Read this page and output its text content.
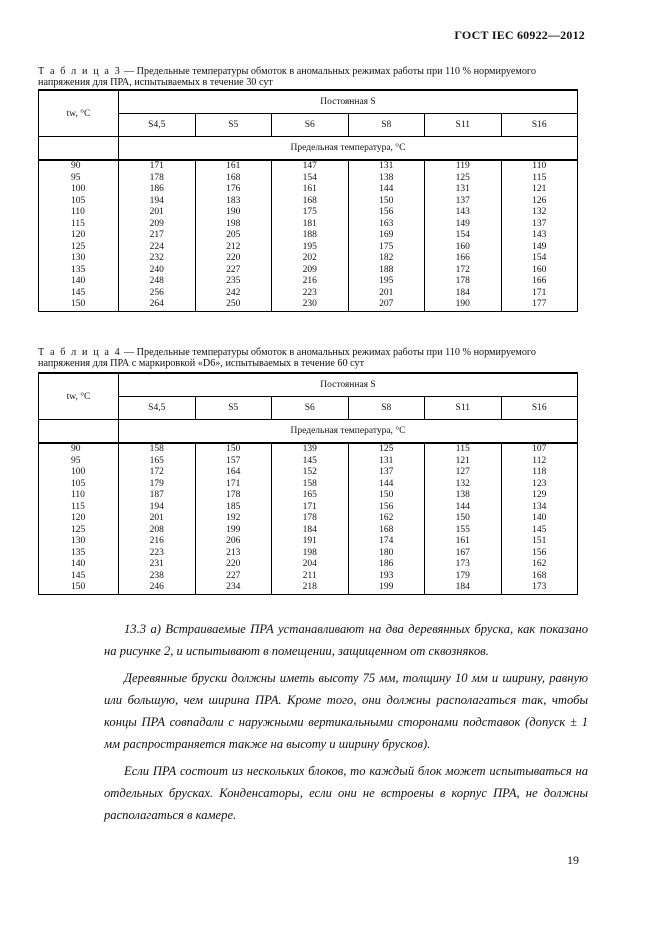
ГОСТ IEC 60922—2012
Т а б л и ц а 3 — Предельные температуры обмоток в аномальных режимах работы при 110 % нормируемого напряжения для ПРА, испытываемых в течение 30 сут
tw, °C	Постоянная S					
	S4,5	S5	S6	S8	S11	S16
	Предельная температура, °С					
90	171	161	147	131	119	110
95	178	168	154	138	125	115
100	186	176	161	144	131	121
105	194	183	168	150	137	126
110	201	190	175	156	143	132
115	209	198	181	163	149	137
120	217	205	188	169	154	143
125	224	212	195	175	160	149
130	232	220	202	182	166	154
135	240	227	209	188	172	160
140	248	235	216	195	178	166
145	256	242	223	201	184	171
150	264	250	230	207	190	177
Т а б л и ц а 4 — Предельные температуры обмоток в аномальных режимах работы при 110 % нормируемого напряжения для ПРА с маркировкой «D6», испытываемых в течение 60 сут
tw, °C	Постоянная S					
	S4,5	S5	S6	S8	S11	S16
	Предельная температура, °С					
90	158	150	139	125	115	107
95	165	157	145	131	121	112
100	172	164	152	137	127	118
105	179	171	158	144	132	123
110	187	178	165	150	138	129
115	194	185	171	156	144	134
120	201	192	178	162	150	140
125	208	199	184	168	155	145
130	216	206	191	174	161	151
135	223	213	198	180	167	156
140	231	220	204	186	173	162
145	238	227	211	193	179	168
150	246	234	218	199	184	173

13.3 а) Встраиваемые ПРА устанавливают на два деревянных бруска, как показано на рисунке 2, и испытывают в помещении, защищенном от сквозняков.

Деревянные бруски должны иметь высоту 75 мм, толщину 10 мм и ширину, равную или большую, чем ширина ПРА. Кроме того, они должны располагаться так, чтобы концы ПРА совпадали с наружными вертикальными сторонами подставок (допуск ± 1 мм распространяется также на высоту и ширину брусков).

Если ПРА состоит из нескольких блоков, то каждый блок может испытываться на отдельных брусках. Конденсаторы, если они не встроены в корпус ПРА, не должны располагаться в камере.

19
